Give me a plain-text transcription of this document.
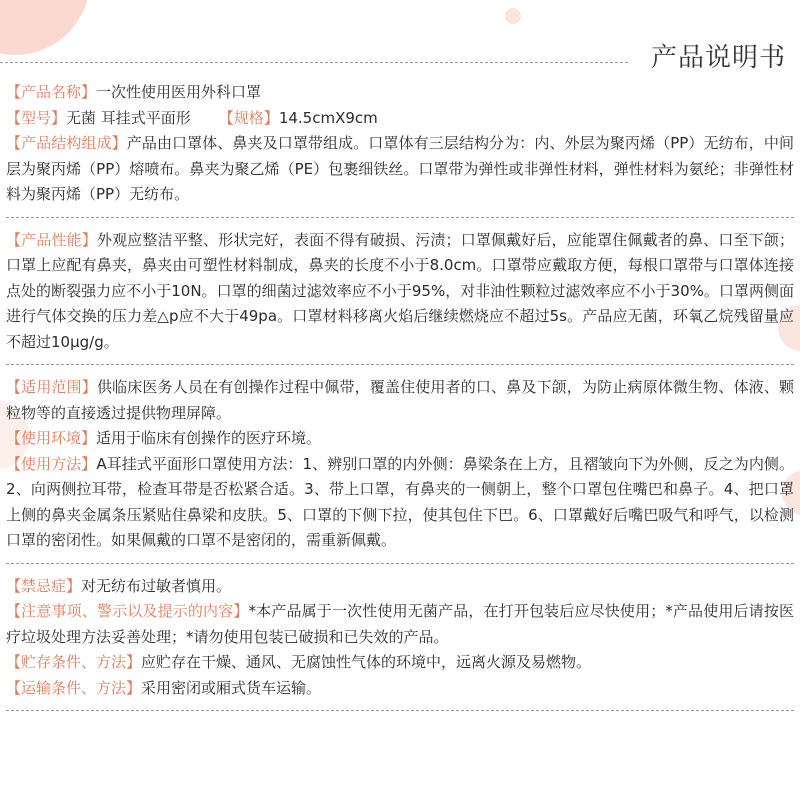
产品说明书

【产品名称】一次性使用医用外科口罩

【型号】无菌 耳挂式平面形 【规格】14.5cmX9cm

【产品结构组成】产品由口罩体、鼻夹及口罩带组成。口罩体有三层结构分为：内、外层为聚丙烯（PP）无纺布，中间层为聚丙烯（PP）熔喷布。鼻夹为聚乙烯（PE）包裹细铁丝。口罩带为弹性或非弹性材料，弹性材料为氨纶；非弹性材料为聚丙烯（PP）无纺布。

【产品性能】外观应整洁平整、形状完好，表面不得有破损、污渍；口罩佩戴好后，应能罩住佩戴者的鼻、口至下颌；口罩上应配有鼻夹，鼻夹由可塑性材料制成，鼻夹的长度不小于8.0cm。口罩带应戴取方便，每根口罩带与口罩体连接点处的断裂强力应不小于10N。口罩的细菌过滤效率应不小于95%，对非油性颗粒过滤效率应不小于30%。口罩两侧面进行气体交换的压力差△p应不大于49pa。口罩材料移离火焰后继续燃烧应不超过5s。产品应无菌，环氧乙烷残留量应不超过10μg/g。

【适用范围】供临床医务人员在有创操作过程中佩带，覆盖住使用者的口、鼻及下颌，为防止病原体微生物、体液、颗粒物等的直接透过提供物理屏障。

【使用环境】适用于临床有创操作的医疗环境。

【使用方法】A耳挂式平面形口罩使用方法：1、辨别口罩的内外侧：鼻梁条在上方，且褶皱向下为外侧，反之为内侧。2、向两侧拉耳带，检查耳带是否松紧合适。3、带上口罩，有鼻夹的一侧朝上，整个口罩包住嘴巴和鼻子。4、把口罩上侧的鼻夹金属条压紧贴住鼻梁和皮肤。5、口罩的下侧下拉，使其包住下巴。6、口罩戴好后嘴巴吸气和呼气，以检测口罩的密闭性。如果佩戴的口罩不是密闭的，需重新佩戴。

【禁忌症】对无纺布过敏者慎用。

【注意事项、警示以及提示的内容】*本产品属于一次性使用无菌产品，在打开包装后应尽快使用；*产品使用后请按医疗垃圾处理方法妥善处理；*请勿使用包装已破损和已失效的产品。

【贮存条件、方法】应贮存在干燥、通风、无腐蚀性气体的环境中，远离火源及易燃物。

【运输条件、方法】采用密闭或厢式货车运输。
